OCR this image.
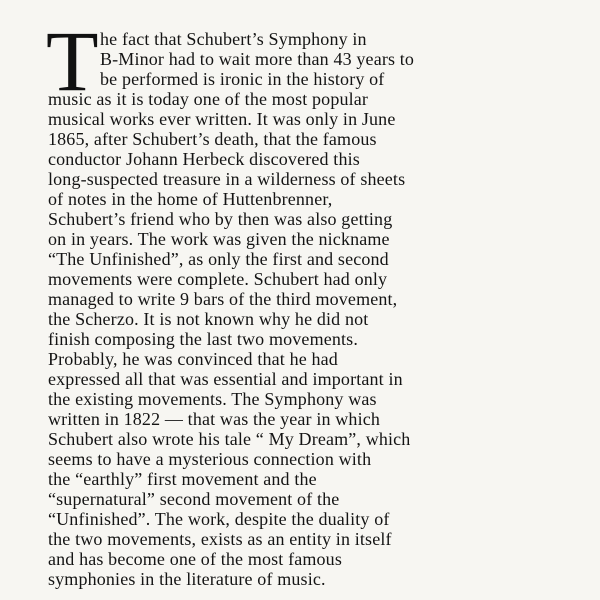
T he fact that Schubert’s Symphony in
B-Minor had to wait more than 43 years to
be performed is ironic in the history of
music as it is today one of the most popular
musical works ever written. It was only in June
1865, after Schubert’s death, that the famous
conductor Johann Herbeck discovered this
long-suspected treasure in a wilderness of sheets
of notes in the home of Huttenbrenner,
Schubert’s friend who by then was also getting
on in years. The work was given the nickname
“The Unfinished”, as only the first and second
movements were complete. Schubert had only
managed to write 9 bars of the third movement,
the Scherzo. It is not known why he did not
finish composing the last two movements.
Probably, he was convinced that he had
expressed all that was essential and important in
the existing movements. The Symphony was
written in 1822 — that was the year in which
Schubert also wrote his tale “ My Dream”, which
seems to have a mysterious connection with
the “earthly” first movement and the
“supernatural” second movement of the
“Unfinished”. The work, despite the duality of
the two movements, exists as an entity in itself
and has become one of the most famous
symphonies in the literature of music.
